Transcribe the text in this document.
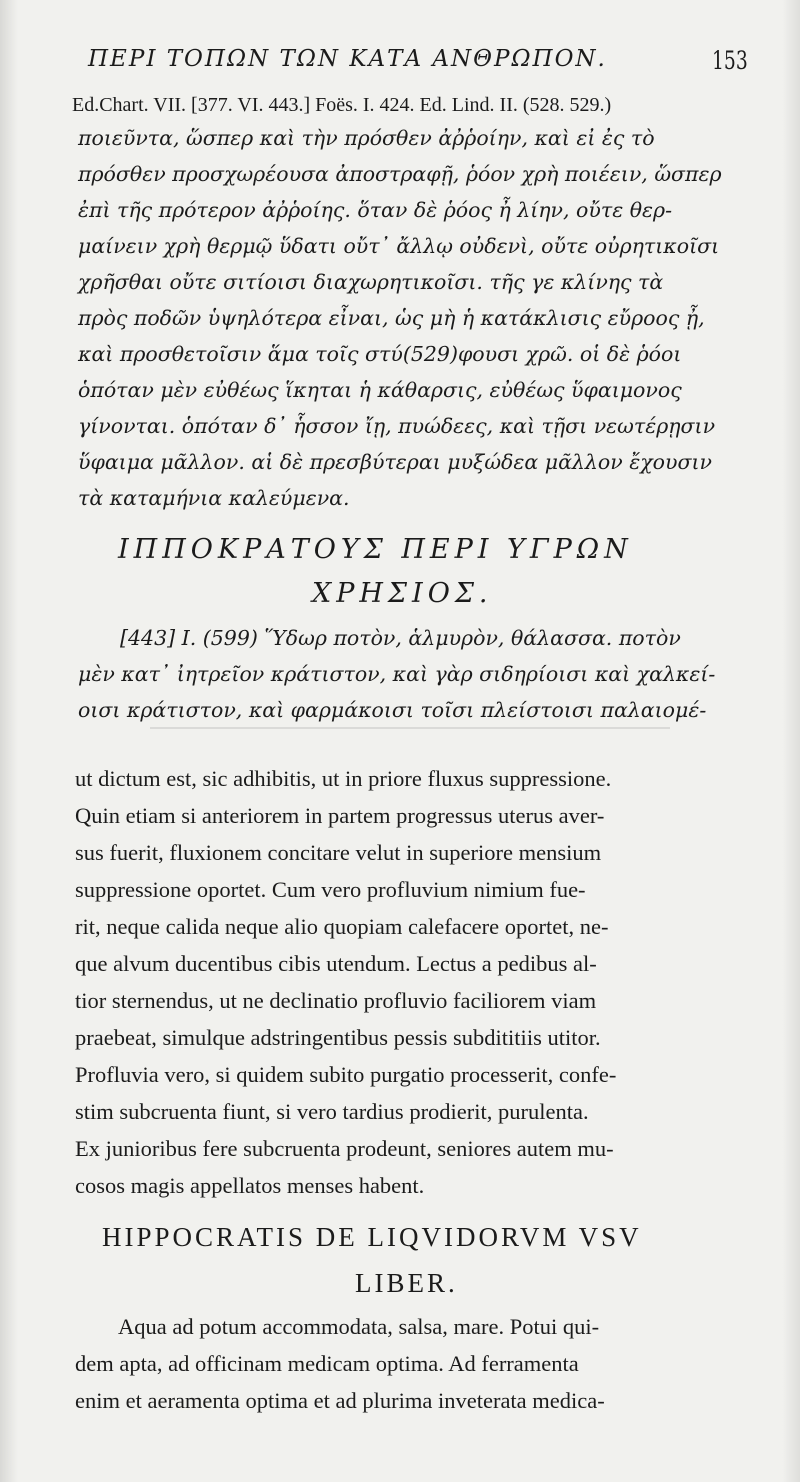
ΠΕΡΙ ΤΟΠΩΝ ΤΩΝ ΚΑΤΑ ΑΝΘΡΩΠΟΝ.	153
Ed.Chart. VII. [377. VI. 443.] Foës. I. 424. Ed. Lind. II. (528. 529.)
ποιεῦντα, ὥσπερ καὶ τὴν πρόσθεν ἀῤῥοίην, καὶ εἰ ἐς τὸ
πρόσθεν προσχωρέουσα ἀποστραφῇ, ῥόον χρὴ ποιέειν, ὥσπερ
ἐπὶ τῆς πρότερον ἀῤῥοίης. ὅταν δὲ ῥόος ἦ λίην, οὔτε θερ-
μαίνειν χρὴ θερμῷ ὕδατι οὔτ᾽ ἄλλῳ οὐδενὶ, οὔτε οὐρητικοῖσι
χρῆσθαι οὔτε σιτίοισι διαχωρητικοῖσι. τῆς γε κλίνης τὰ
πρὸς ποδῶν ὑψηλότερα εἶναι, ὡς μὴ ἡ κατάκλισις εὔροος ᾖ,
καὶ προσθετοῖσιν ἅμα τοῖς στύ(529)φουσι χρῶ. οἱ δὲ ῥόοι
ὁπόταν μὲν εὐθέως ἵκηται ἡ κάθαρσις, εὐθέως ὕφαιμονος
γίνονται. ὁπόταν δ᾽ ἧσσον ἴῃ, πυώδεες, καὶ τῇσι νεωτέρῃσιν
ὕφαιμα μᾶλλον. αἱ δὲ πρεσβύτεραι μυξώδεα μᾶλλον ἔχουσιν
τὰ καταμήνια καλεύμενα.
ΙΠΠΟΚΡΑΤΟΥΣ ΠΕΡΙ ΥΓΡΩΝ
ΧΡΗΣΙΟΣ.
[443] I. (599) Ὕδωρ ποτὸν, ἁλμυρὸν, θάλασσα. ποτὸν
μὲν κατ᾽ ἰητρεῖον κράτιστον, καὶ γὰρ σιδηρίοισι καὶ χαλκεί-
οισι κράτιστον, καὶ φαρμάκοισι τοῖσι πλείστοισι παλαιομέ-
ut dictum est, sic adhibitis, ut in priore fluxus suppressione.
Quin etiam si anteriorem in partem progressus uterus aver-
sus fuerit, fluxionem concitare velut in superiore mensium
suppressione oportet. Cum vero profluvium nimium fue-
rit, neque calida neque alio quopiam calefacere oportet, ne-
que alvum ducentibus cibis utendum. Lectus a pedibus al-
tior sternendus, ut ne declinatio profluvio faciliorem viam
praebeat, simulque adstringentibus pessis subdititiis utitor.
Profluvia vero, si quidem subito purgatio processerit, confe-
stim subcruenta fiunt, si vero tardius prodierit, purulenta.
Ex junioribus fere subcruenta prodeunt, seniores autem mu-
cosos magis appellatos menses habent.
HIPPOCRATIS DE LIQVIDORVM VSV
LIBER.
Aqua ad potum accommodata, salsa, mare. Potui qui-
dem apta, ad officinam medicam optima. Ad ferramenta
enim et aeramenta optima et ad plurima inveterata medica-
